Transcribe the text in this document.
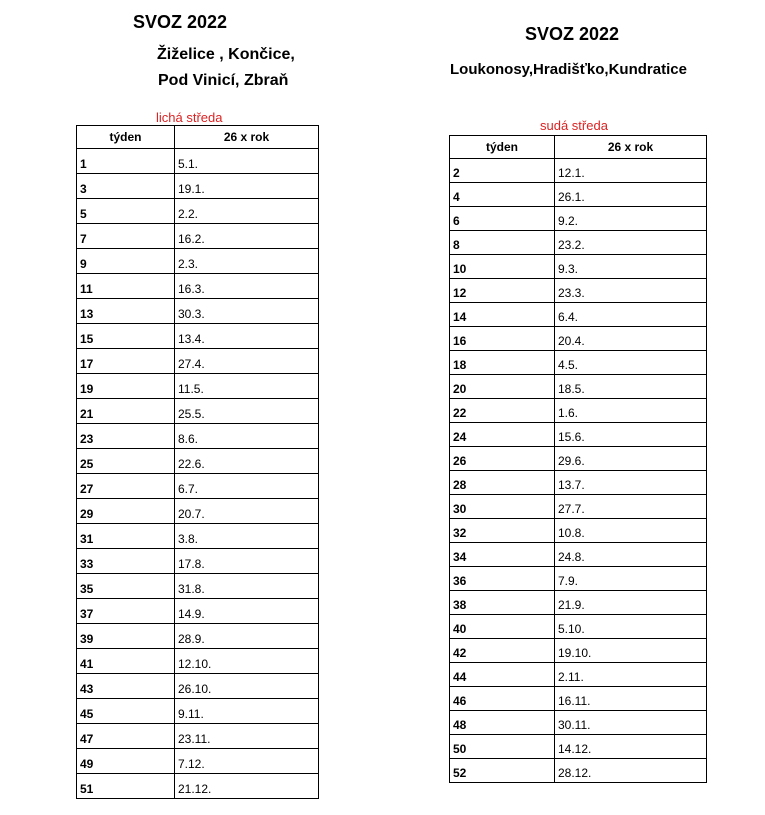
SVOZ 2022
Žiželice , Končice,
Pod Vinicí, Zbraň
lichá středa
týden	26 x rok
1	5.1.
3	19.1.
5	2.2.
7	16.2.
9	2.3.
11	16.3.
13	30.3.
15	13.4.
17	27.4.
19	11.5.
21	25.5.
23	8.6.
25	22.6.
27	6.7.
29	20.7.
31	3.8.
33	17.8.
35	31.8.
37	14.9.
39	28.9.
41	12.10.
43	26.10.
45	9.11.
47	23.11.
49	7.12.
51	21.12.
SVOZ 2022
Loukonosy,Hradišťko,Kundratice
sudá středa
týden	26 x rok
2	12.1.
4	26.1.
6	9.2.
8	23.2.
10	9.3.
12	23.3.
14	6.4.
16	20.4.
18	4.5.
20	18.5.
22	1.6.
24	15.6.
26	29.6.
28	13.7.
30	27.7.
32	10.8.
34	24.8.
36	7.9.
38	21.9.
40	5.10.
42	19.10.
44	2.11.
46	16.11.
48	30.11.
50	14.12.
52	28.12.
